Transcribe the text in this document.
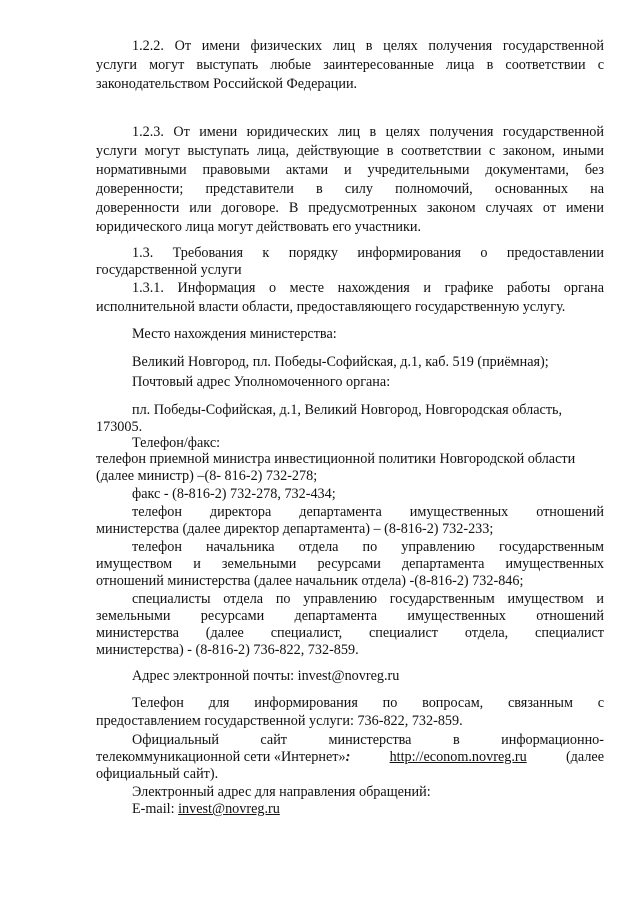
1.2.2. От имени физических лиц в целях получения государственной
услуги могут выступать любые заинтересованные лица в соответствии с
законодательством Российской Федерации.
1.2.3. От имени юридических лиц в целях получения государственной
услуги могут выступать лица, действующие в соответствии с законом, иными
нормативными правовыми актами и учредительными документами, без
доверенности; представители в силу полномочий, основанных на
доверенности или договоре. В предусмотренных законом случаях от имени
юридического лица могут действовать его участники.
1.3. Требования к порядку информирования о предоставлении
государственной услуги
1.3.1. Информация о месте нахождения и графике работы органа
исполнительной власти области, предоставляющего государственную услугу.
Место нахождения министерства:
Великий Новгород, пл. Победы-Софийская, д.1, каб. 519 (приёмная);
Почтовый адрес Уполномоченного органа:
пл. Победы-Софийская, д.1, Великий Новгород, Новгородская область,
173005.
Телефон/факс:
телефон приемной министра инвестиционной политики Новгородской области
(далее министр) –(8- 816-2) 732-278;
факс - (8-816-2) 732-278, 732-434;
телефон директора департамента имущественных отношений
министерства (далее директор департамента) – (8-816-2) 732-233;
телефон начальника отдела по управлению государственным
имуществом и земельными ресурсами департамента имущественных
отношений министерства (далее начальник отдела) -(8-816-2) 732-846;
специалисты отдела по управлению государственным имуществом и
земельными ресурсами департамента имущественных отношений
министерства (далее специалист, специалист отдела, специалист
министерства) - (8-816-2) 736-822, 732-859.
Адрес электронной почты: invest@novreg.ru
Телефон для информирования по вопросам, связанным с
предоставлением государственной услуги: 736-822, 732-859.
Официальный сайт министерства в информационно-
телекоммуникационной сети «Интернет»:	http://econom.novreg.ru	(далее
официальный сайт).
Электронный адрес для направления обращений:
E-mail: invest@novreg.ru
